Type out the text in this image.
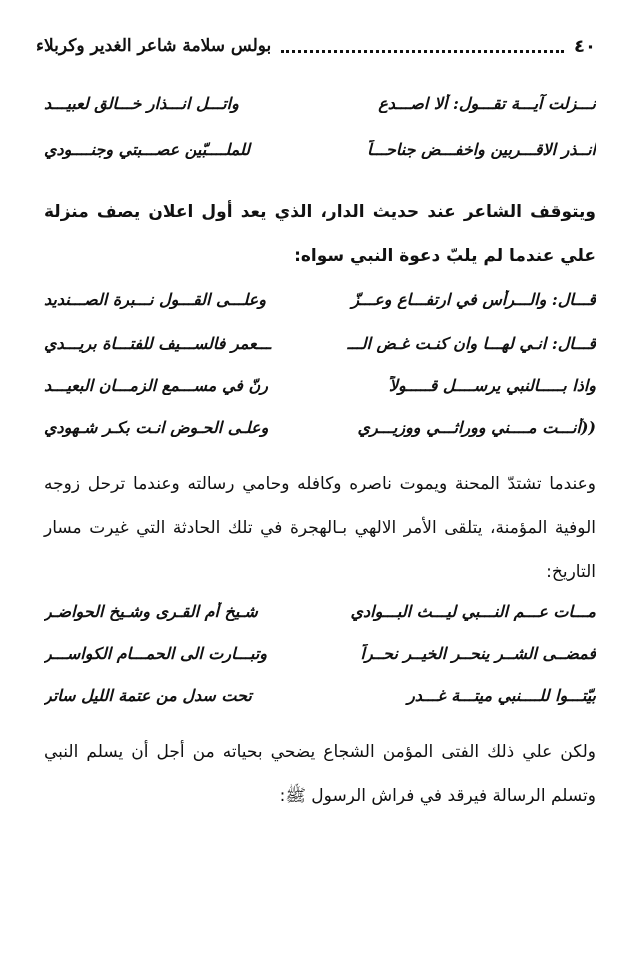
٤٠
بولس سلامة شاعر الغدير وكربلاء
نـــزلت آيـــة تقـــول: ألا اصـــدع
واتـــل انـــذار خـــالق لعبيـــد
انــذر الاقـــربين واخفـــض جناحـــاً
للملــــبّين عصـــبتي وجنــــودي
ويتوقف الشاعر عند حديث الدار، الذي يعد أول اعلان يصف منزلة علي عندما لم يلبّ دعوة النبي سواه:
قـــال: والـــرأس في ارتفـــاع وعـــزّ
وعلـــى القـــول نـــبرة الصـــنديد
قـــال: انـي لهـــا وان كنـت غـض الـــ
ـــعمر فالســـيف للفتـــاة بريـــدي
واذا بـــــالنبي يرســــل قـــــولاً
رنّ في مســـمع الزمـــان البعيـــد
((أنـــت مــــني ووراثـــي ووزيـــري
وعلـى الحـوض انـت بكـر شـهودي
وعندما تشتدّ المحنة ويموت ناصره وكافله وحامي رسالته وعندما ترحل زوجه الوفية المؤمنة، يتلقى الأمر الالهي بـالهجرة في تلك الحادثة التي غيرت مسار التاريخ:
مـــات عـــم النـــبي ليـــث البـــوادي
شـيخ أم القـرى وشـيخ الحواضـر
فمضــى الشــر ينحــر الخيــر نحــراً
وتبـــارت الى الحمـــام الكواســـر
بيّتـــوا للــــنبي ميتـــة غـــدر
تحت سدل من عتمة الليل ساتر
ولكن علي ذلك الفتى المؤمن الشجاع يضحي بحياته من أجل أن يسلم النبي وتسلم الرسالة فيرقد في فراش الرسول ﷺ:
